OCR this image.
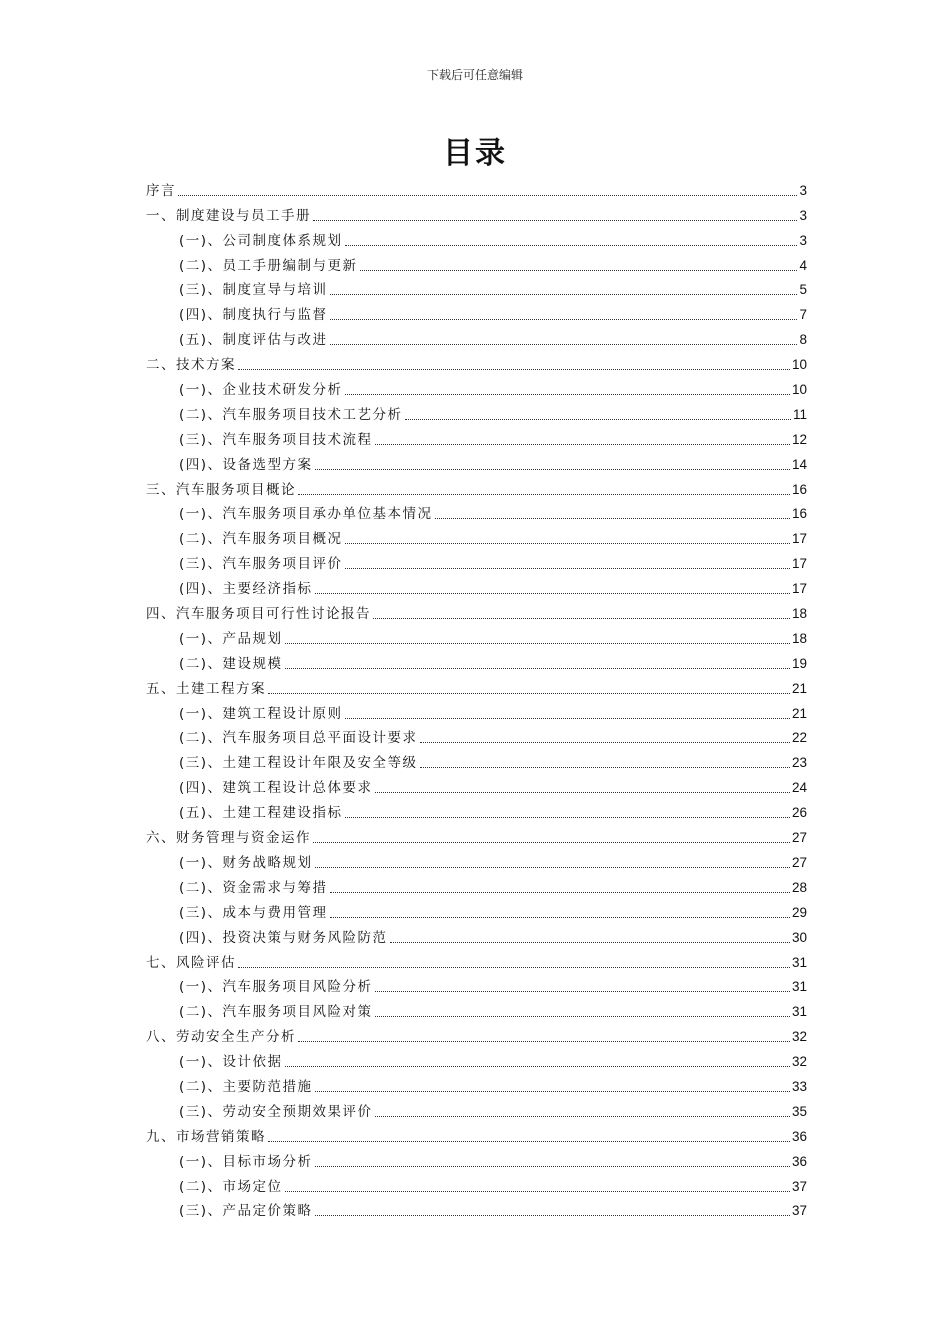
下载后可任意编辑
目录
序言	3
一、制度建设与员工手册	3
(一)、公司制度体系规划	3
(二)、员工手册编制与更新	4
(三)、制度宣导与培训	5
(四)、制度执行与监督	7
(五)、制度评估与改进	8
二、技术方案	10
(一)、企业技术研发分析	10
(二)、汽车服务项目技术工艺分析	11
(三)、汽车服务项目技术流程	12
(四)、设备选型方案	14
三、汽车服务项目概论	16
(一)、汽车服务项目承办单位基本情况	16
(二)、汽车服务项目概况	17
(三)、汽车服务项目评价	17
(四)、主要经济指标	17
四、汽车服务项目可行性讨论报告	18
(一)、产品规划	18
(二)、建设规模	19
五、土建工程方案	21
(一)、建筑工程设计原则	21
(二)、汽车服务项目总平面设计要求	22
(三)、土建工程设计年限及安全等级	23
(四)、建筑工程设计总体要求	24
(五)、土建工程建设指标	26
六、财务管理与资金运作	27
(一)、财务战略规划	27
(二)、资金需求与筹措	28
(三)、成本与费用管理	29
(四)、投资决策与财务风险防范	30
七、风险评估	31
(一)、汽车服务项目风险分析	31
(二)、汽车服务项目风险对策	31
八、劳动安全生产分析	32
(一)、设计依据	32
(二)、主要防范措施	33
(三)、劳动安全预期效果评价	35
九、市场营销策略	36
(一)、目标市场分析	36
(二)、市场定位	37
(三)、产品定价策略	37
